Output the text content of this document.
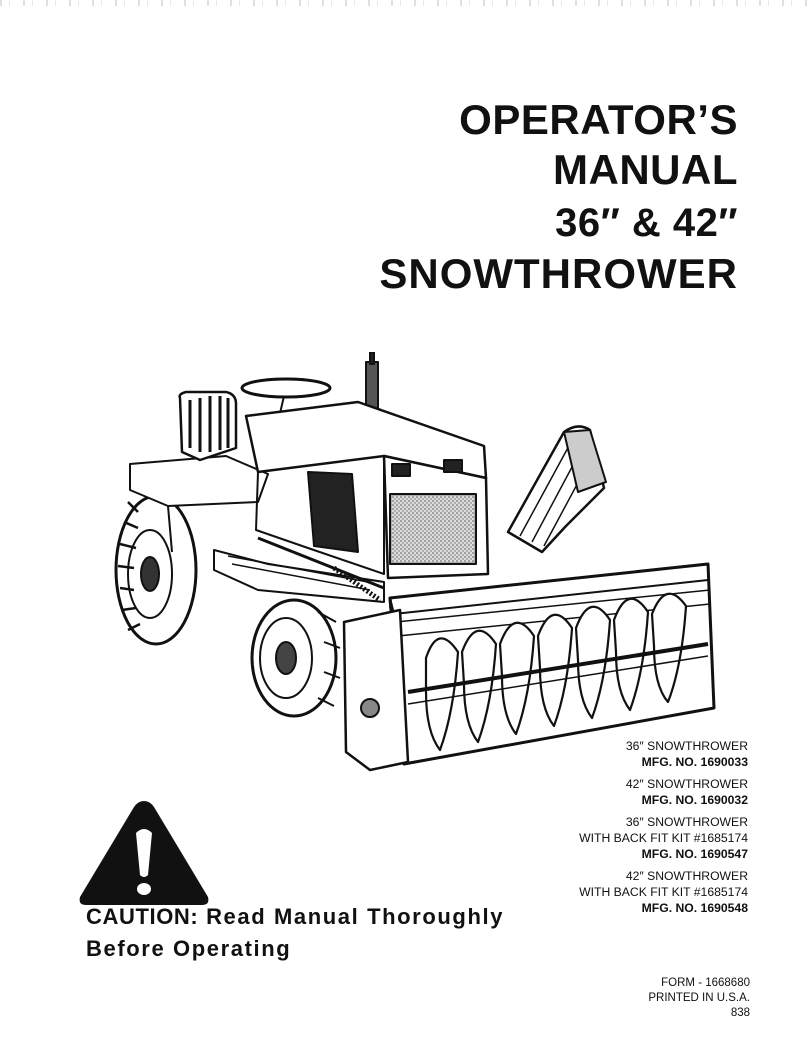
OPERATOR’S
MANUAL
36″ & 42″
SNOWTHROWER
36″ SNOWTHROWER
MFG. NO. 1690033
42″ SNOWTHROWER
MFG. NO. 1690032
36″ SNOWTHROWER
WITH BACK FIT KIT #1685174
MFG. NO. 1690547
42″ SNOWTHROWER
WITH BACK FIT KIT #1685174
MFG. NO. 1690548
CAUTION: Read Manual Thoroughly
Before Operating
FORM - 1668680
PRINTED IN U.S.A.
838
